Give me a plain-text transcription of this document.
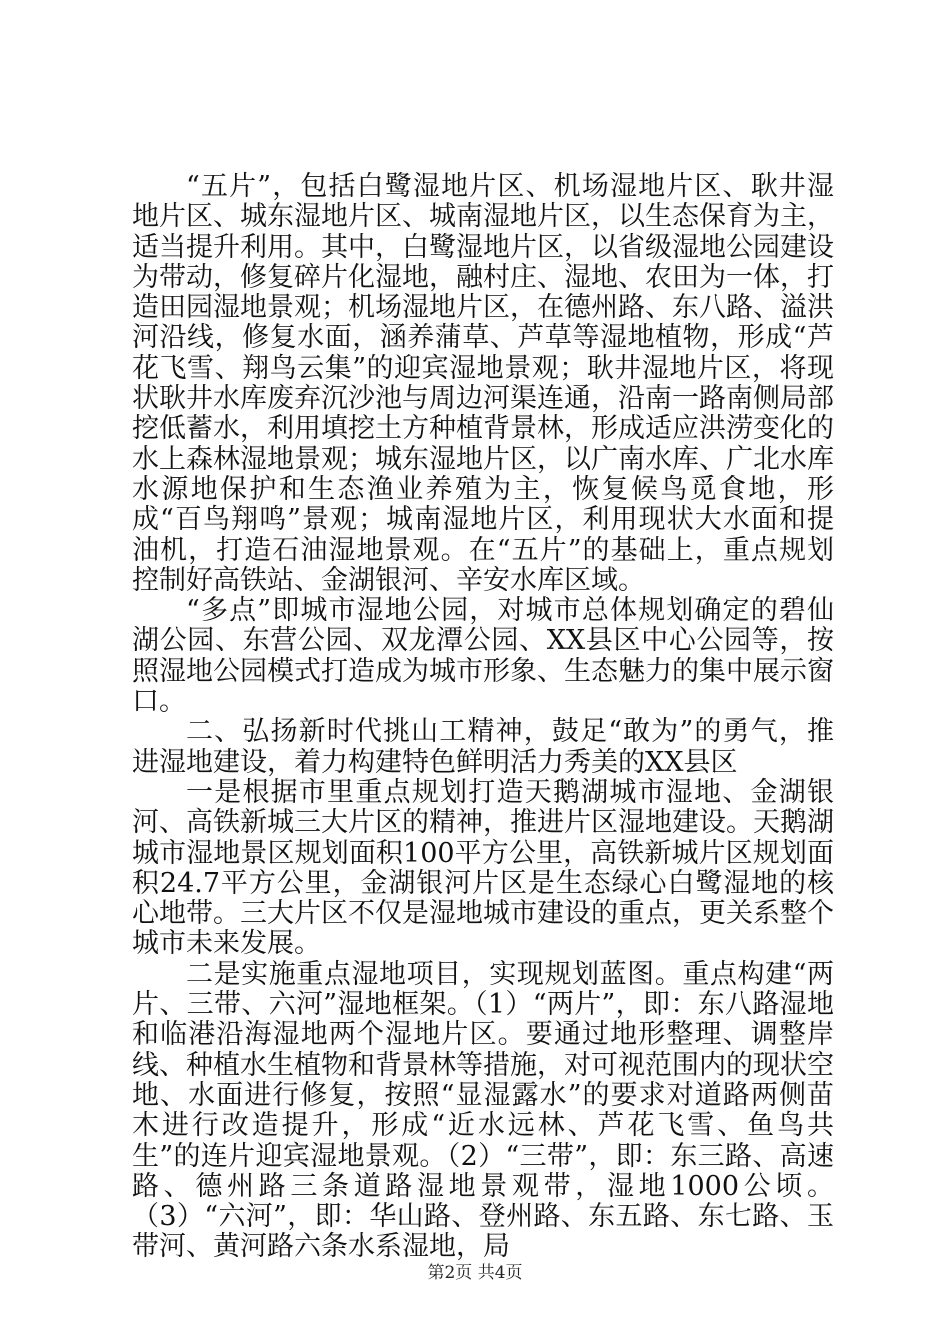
“五片”，包括白鹭湿地片区、机场湿地片区、耿井湿地片区、城东湿地片区、城南湿地片区，以生态保育为主，适当提升利用。其中，白鹭湿地片区，以省级湿地公园建设为带动，修复碎片化湿地，融村庄、湿地、农田为一体，打造田园湿地景观；机场湿地片区，在德州路、东八路、溢洪河沿线，修复水面，涵养蒲草、芦草等湿地植物，形成“芦花飞雪、翔鸟云集”的迎宾湿地景观；耿井湿地片区，将现状耿井水库废弃沉沙池与周边河渠连通，沿南一路南侧局部挖低蓄水，利用填挖土方种植背景林，形成适应洪涝变化的水上森林湿地景观；城东湿地片区，以广南水库、广北水库水源地保护和生态渔业养殖为主，恢复候鸟觅食地，形成“百鸟翔鸣”景观；城南湿地片区，利用现状大水面和提油机，打造石油湿地景观。在“五片”的基础上，重点规划控制好高铁站、金湖银河、辛安水库区域。

“多点”即城市湿地公园，对城市总体规划确定的碧仙湖公园、东营公园、双龙潭公园、XX县区中心公园等，按照湿地公园模式打造成为城市形象、生态魅力的集中展示窗口。

二、弘扬新时代挑山工精神，鼓足“敢为”的勇气，推进湿地建设，着力构建特色鲜明活力秀美的XX县区

一是根据市里重点规划打造天鹅湖城市湿地、金湖银河、高铁新城三大片区的精神，推进片区湿地建设。天鹅湖城市湿地景区规划面积100平方公里，高铁新城片区规划面积24.7平方公里，金湖银河片区是生态绿心白鹭湿地的核心地带。三大片区不仅是湿地城市建设的重点，更关系整个城市未来发展。

二是实施重点湿地项目，实现规划蓝图。重点构建“两片、三带、六河”湿地框架。（1）“两片”，即：东八路湿地和临港沿海湿地两个湿地片区。要通过地形整理、调整岸线、种植水生植物和背景林等措施，对可视范围内的现状空地、水面进行修复，按照“显湿露水”的要求对道路两侧苗木进行改造提升，形成“近水远林、芦花飞雪、鱼鸟共生”的连片迎宾湿地景观。（2）“三带”，即：东三路、高速路、德州路三条道路湿地景观带，湿地1000公顷。（3）“六河”，即：华山路、登州路、东五路、东七路、玉带河、黄河路六条水系湿地，局

第2页 共4页
